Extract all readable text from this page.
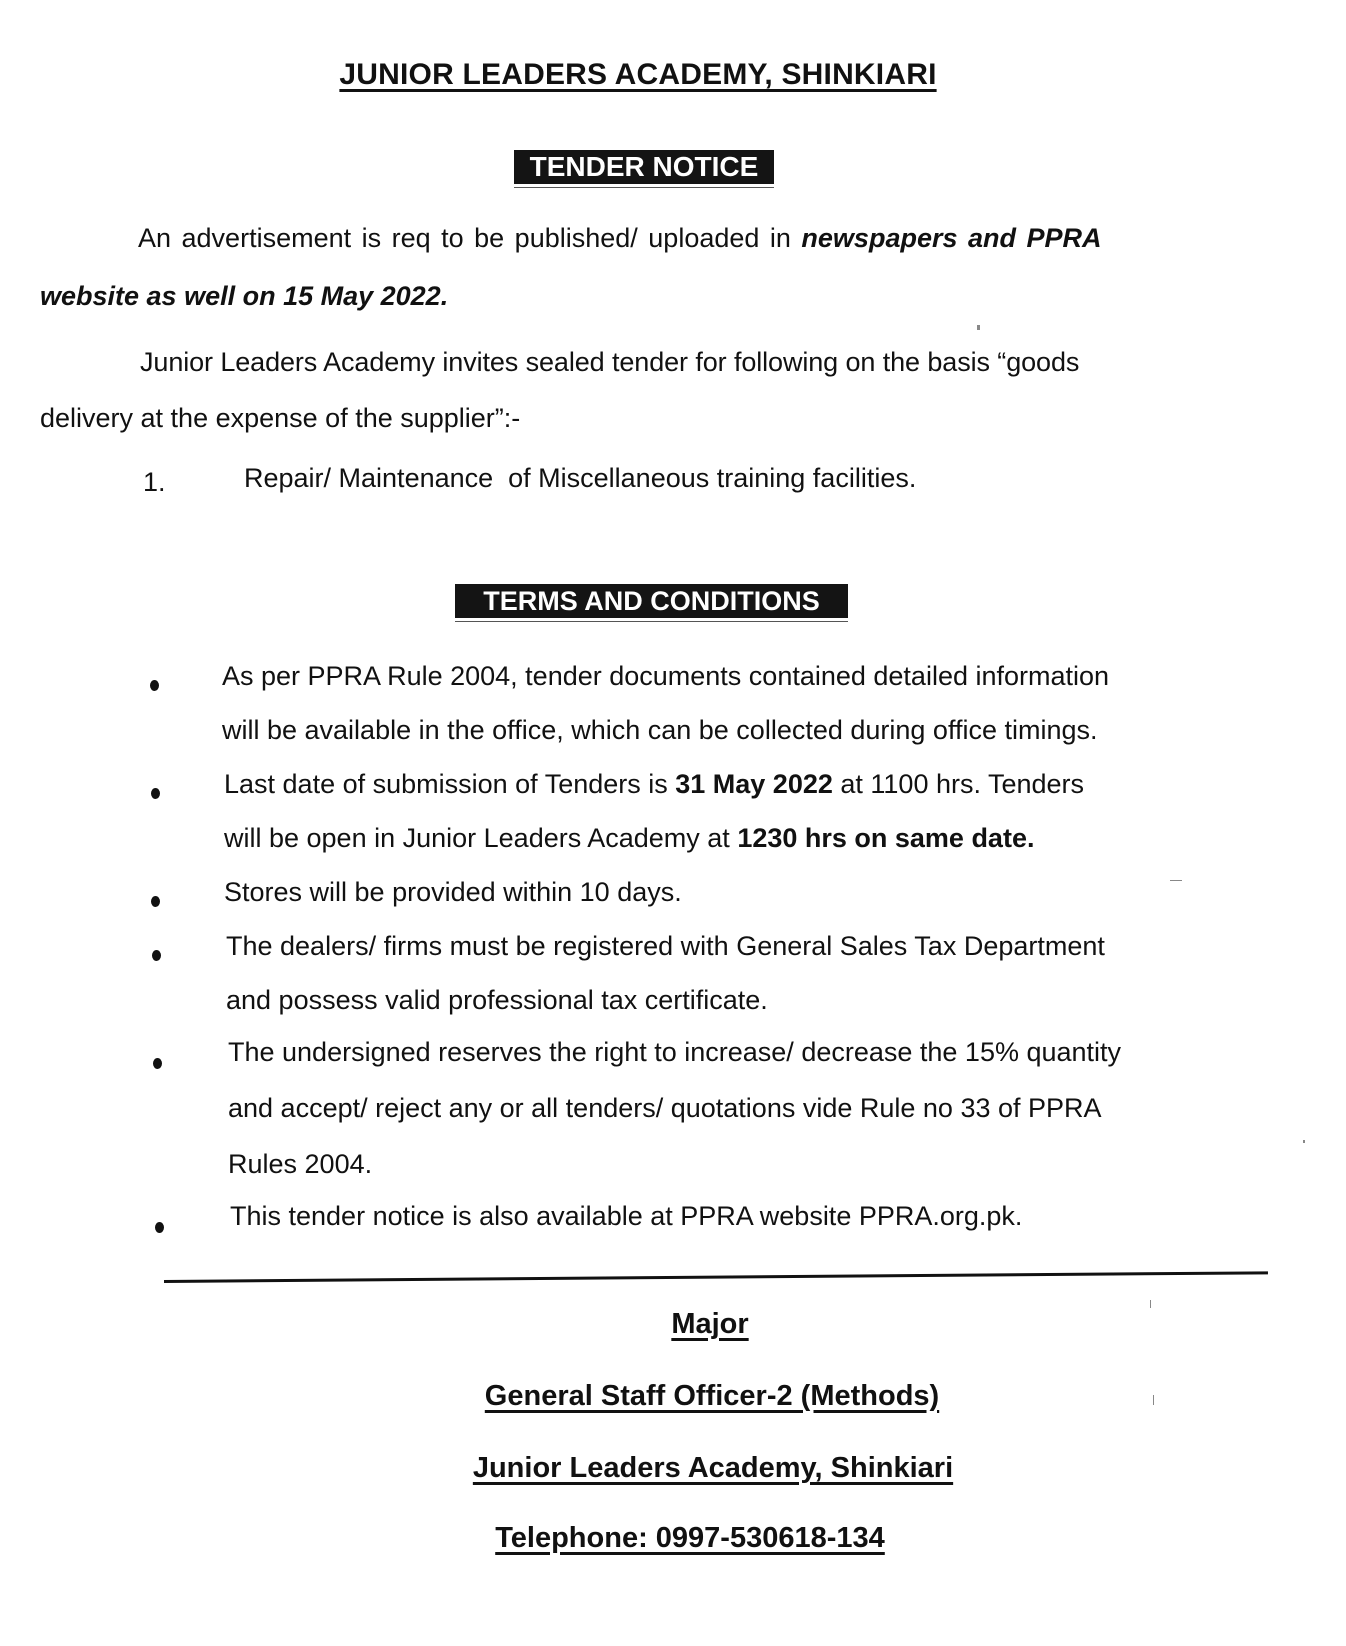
JUNIOR LEADERS ACADEMY, SHINKIARI
TENDER NOTICE
An advertisement is req to be published/ uploaded in newspapers and PPRA
website as well on 15 May 2022.
Junior Leaders Academy invites sealed tender for following on the basis “goods
delivery at the expense of the supplier”:-
1.	Repair/ Maintenance  of Miscellaneous training facilities.
TERMS AND CONDITIONS
As per PPRA Rule 2004, tender documents contained detailed information
will be available in the office, which can be collected during office timings.
Last date of submission of Tenders is 31 May 2022 at 1100 hrs. Tenders
will be open in Junior Leaders Academy at 1230 hrs on same date.
Stores will be provided within 10 days.
The dealers/ firms must be registered with General Sales Tax Department
and possess valid professional tax certificate.
The undersigned reserves the right to increase/ decrease the 15% quantity
and accept/ reject any or all tenders/ quotations vide Rule no 33 of PPRA
Rules 2004.
This tender notice is also available at PPRA website PPRA.org.pk.
Major
General Staff Officer-2 (Methods)
Junior Leaders Academy, Shinkiari
Telephone: 0997-530618-134
